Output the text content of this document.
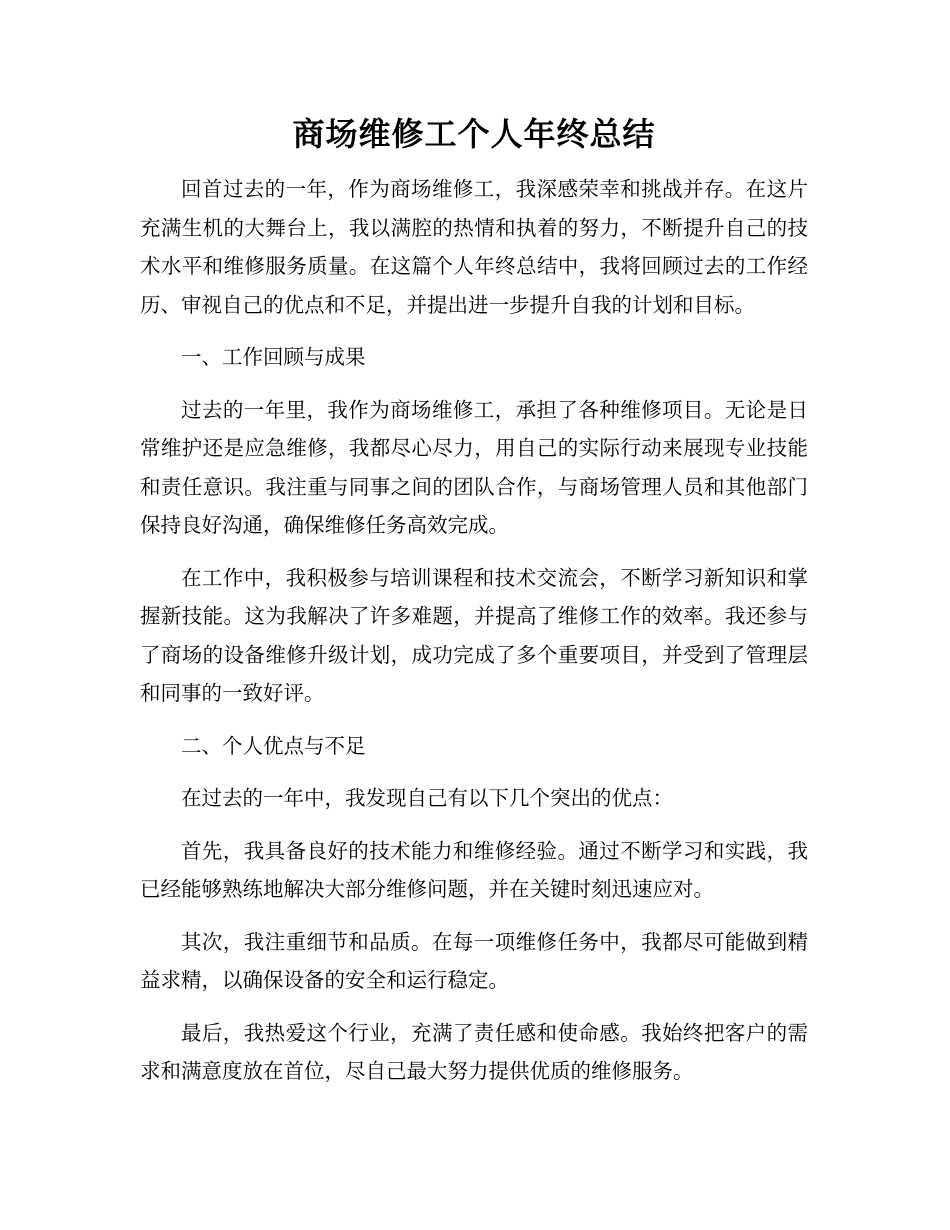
商场维修工个人年终总结

回首过去的一年，作为商场维修工，我深感荣幸和挑战并存。在这片充满生机的大舞台上，我以满腔的热情和执着的努力，不断提升自己的技术水平和维修服务质量。在这篇个人年终总结中，我将回顾过去的工作经历、审视自己的优点和不足，并提出进一步提升自我的计划和目标。

一、工作回顾与成果

过去的一年里，我作为商场维修工，承担了各种维修项目。无论是日常维护还是应急维修，我都尽心尽力，用自己的实际行动来展现专业技能和责任意识。我注重与同事之间的团队合作，与商场管理人员和其他部门保持良好沟通，确保维修任务高效完成。

在工作中，我积极参与培训课程和技术交流会，不断学习新知识和掌握新技能。这为我解决了许多难题，并提高了维修工作的效率。我还参与了商场的设备维修升级计划，成功完成了多个重要项目，并受到了管理层和同事的一致好评。

二、个人优点与不足

在过去的一年中，我发现自己有以下几个突出的优点：

首先，我具备良好的技术能力和维修经验。通过不断学习和实践，我已经能够熟练地解决大部分维修问题，并在关键时刻迅速应对。

其次，我注重细节和品质。在每一项维修任务中，我都尽可能做到精益求精，以确保设备的安全和运行稳定。

最后，我热爱这个行业，充满了责任感和使命感。我始终把客户的需求和满意度放在首位，尽自己最大努力提供优质的维修服务。
